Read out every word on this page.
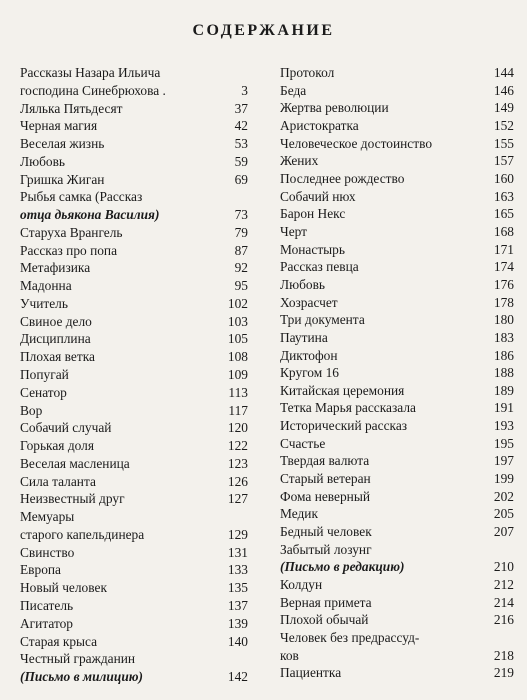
СОДЕРЖАНИЕ
Рассказы Назара Ильича
господина Синебрюхова .	3
Лялька Пятьдесят	37
Черная магия	42
Веселая жизнь	53
Любовь	59
Гришка Жиган	69
Рыбья самка (Рассказ
отца дьякона Василия)	73
Старуха Врангель	79
Рассказ про попа	87
Метафизика	92
Мадонна	95
Учитель	102
Свиное дело	103
Дисциплина	105
Плохая ветка	108
Попугай	109
Сенатор	113
Вор	117
Собачий случай	120
Горькая доля	122
Веселая масленица	123
Сила таланта	126
Неизвестный друг	127
Мемуары
старого капельдинера	129
Свинство	131
Европа	133
Новый человек	135
Писатель	137
Агитатор	139
Старая крыса	140
Честный гражданин
(Письмо в милицию)	142
Протокол	144
Беда	146
Жертва революции	149
Аристократка	152
Человеческое достоинство	155
Жених	157
Последнее рождество	160
Собачий нюх	163
Барон Некс	165
Черт	168
Монастырь	171
Рассказ певца	174
Любовь	176
Хозрасчет	178
Три документа	180
Паутина	183
Диктофон	186
Кругом 16	188
Китайская церемония	189
Тетка Марья рассказала	191
Исторический рассказ	193
Счастье	195
Твердая валюта	197
Старый ветеран	199
Фома неверный	202
Медик	205
Бедный человек	207
Забытый лозунг
(Письмо в редакцию)	210
Колдун	212
Верная примета	214
Плохой обычай	216
Человек без предрассуд-
ков	218
Пациентка	219
